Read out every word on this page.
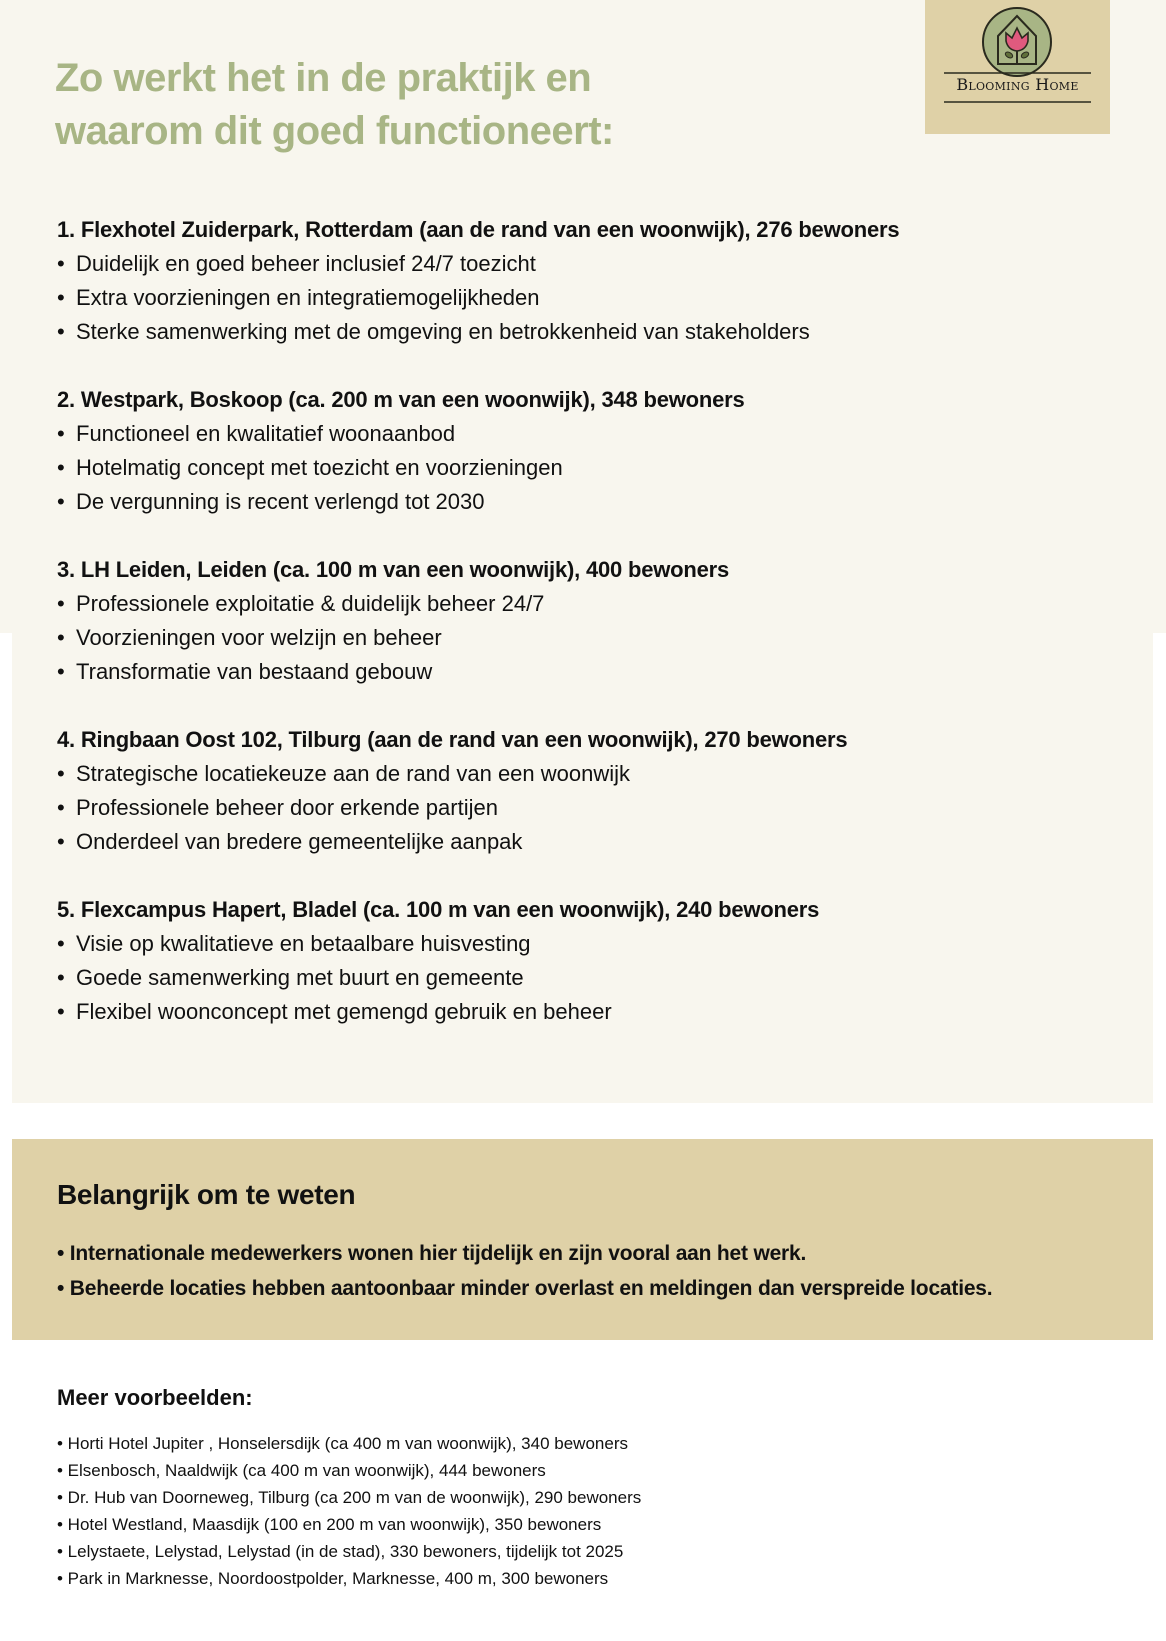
Blooming Home
Zo werkt het in de praktijk en
waarom dit goed functioneert:
1. Flexhotel Zuiderpark, Rotterdam (aan de rand van een woonwijk), 276 bewoners
• Duidelijk en goed beheer inclusief 24/7 toezicht
• Extra voorzieningen en integratiemogelijkheden
• Sterke samenwerking met de omgeving en betrokkenheid van stakeholders
2. Westpark, Boskoop (ca. 200 m van een woonwijk), 348 bewoners
• Functioneel en kwalitatief woonaanbod
• Hotelmatig concept met toezicht en voorzieningen
• De vergunning is recent verlengd tot 2030
3. LH Leiden, Leiden (ca. 100 m van een woonwijk), 400 bewoners
• Professionele exploitatie & duidelijk beheer 24/7
• Voorzieningen voor welzijn en beheer
• Transformatie van bestaand gebouw
4. Ringbaan Oost 102, Tilburg (aan de rand van een woonwijk), 270 bewoners
• Strategische locatiekeuze aan de rand van een woonwijk
• Professionele beheer door erkende partijen
• Onderdeel van bredere gemeentelijke aanpak
5. Flexcampus Hapert, Bladel (ca. 100 m van een woonwijk), 240 bewoners
• Visie op kwalitatieve en betaalbare huisvesting
• Goede samenwerking met buurt en gemeente
• Flexibel woonconcept met gemengd gebruik en beheer
Belangrijk om te weten
• Internationale medewerkers wonen hier tijdelijk en zijn vooral aan het werk.
• Beheerde locaties hebben aantoonbaar minder overlast en meldingen dan verspreide locaties.
Meer voorbeelden:
• Horti Hotel Jupiter , Honselersdijk (ca 400 m van woonwijk), 340 bewoners
• Elsenbosch, Naaldwijk (ca 400 m van woonwijk), 444 bewoners
• Dr. Hub van Doorneweg, Tilburg (ca 200 m van de woonwijk), 290 bewoners
• Hotel Westland, Maasdijk (100 en 200 m van woonwijk), 350 bewoners
• Lelystaete, Lelystad, Lelystad (in de stad), 330 bewoners, tijdelijk tot 2025
• Park in Marknesse, Noordoostpolder, Marknesse, 400 m, 300 bewoners
